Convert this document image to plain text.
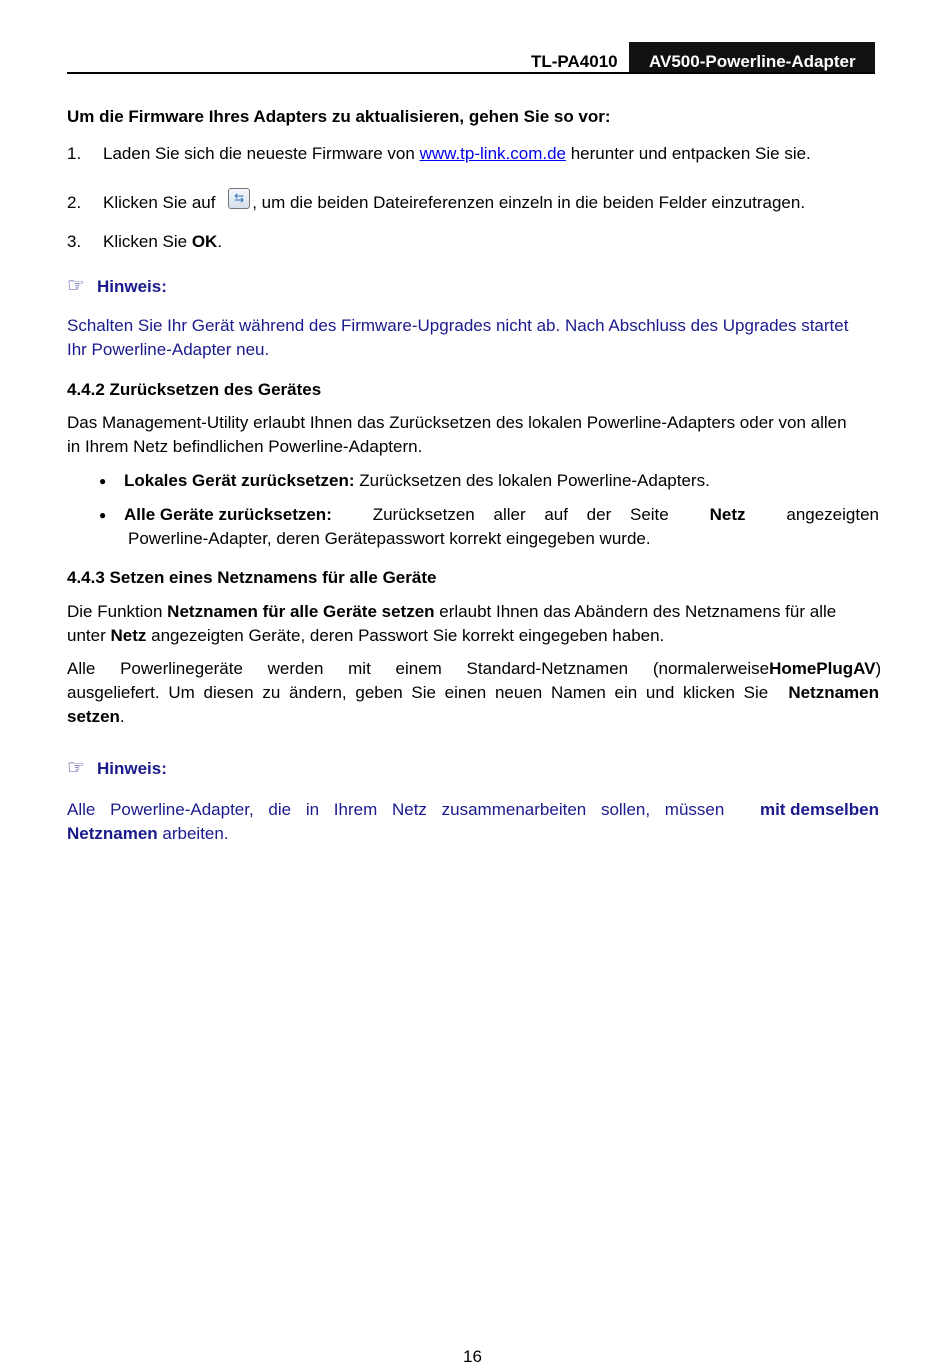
TL-PA4010 AV500-Powerline-Adapter
Um die Firmware Ihres Adapters zu aktualisieren, gehen Sie so vor:
1. Laden Sie sich die neueste Firmware von www.tp-link.com.de herunter und entpacken Sie sie.
2. Klicken Sie auf ⇆ , um die beiden Dateireferenzen einzeln in die beiden Felder einzutragen.
3. Klicken Sie OK.
☞ Hinweis:
Schalten Sie Ihr Gerät während des Firmware-Upgrades nicht ab. Nach Abschluss des Upgrades startet
Ihr Powerline-Adapter neu.
4.4.2 Zurücksetzen des Gerätes
Das Management-Utility erlaubt Ihnen das Zurücksetzen des lokalen Powerline-Adapters oder von allen
in Ihrem Netz befindlichen Powerline-Adaptern.
● Lokales Gerät zurücksetzen: Zurücksetzen des lokalen Powerline-Adapters.
Alle Geräte zurücksetzen: Zurücksetzen aller auf der Seite Netz angezeigten
●
Powerline-Adapter, deren Gerätepasswort korrekt eingegeben wurde.
4.4.3 Setzen eines Netznamens für alle Geräte
Die Funktion Netznamen für alle Geräte setzen erlaubt Ihnen das Abändern des Netznamens für alle
unter Netz angezeigten Geräte, deren Passwort Sie korrekt eingegeben haben.
Alle Powerlinegeräte werden mit einem Standard-Netznamen (normalerweise HomePlugAV)
ausgeliefert. Um diesen zu ändern, geben Sie einen neuen Namen ein und klicken Sie Netznamen
setzen.
☞ Hinweis:
Alle Powerline-Adapter, die in Ihrem Netz zusammenarbeiten sollen, müssen mit demselben
Netznamen arbeiten.
16
